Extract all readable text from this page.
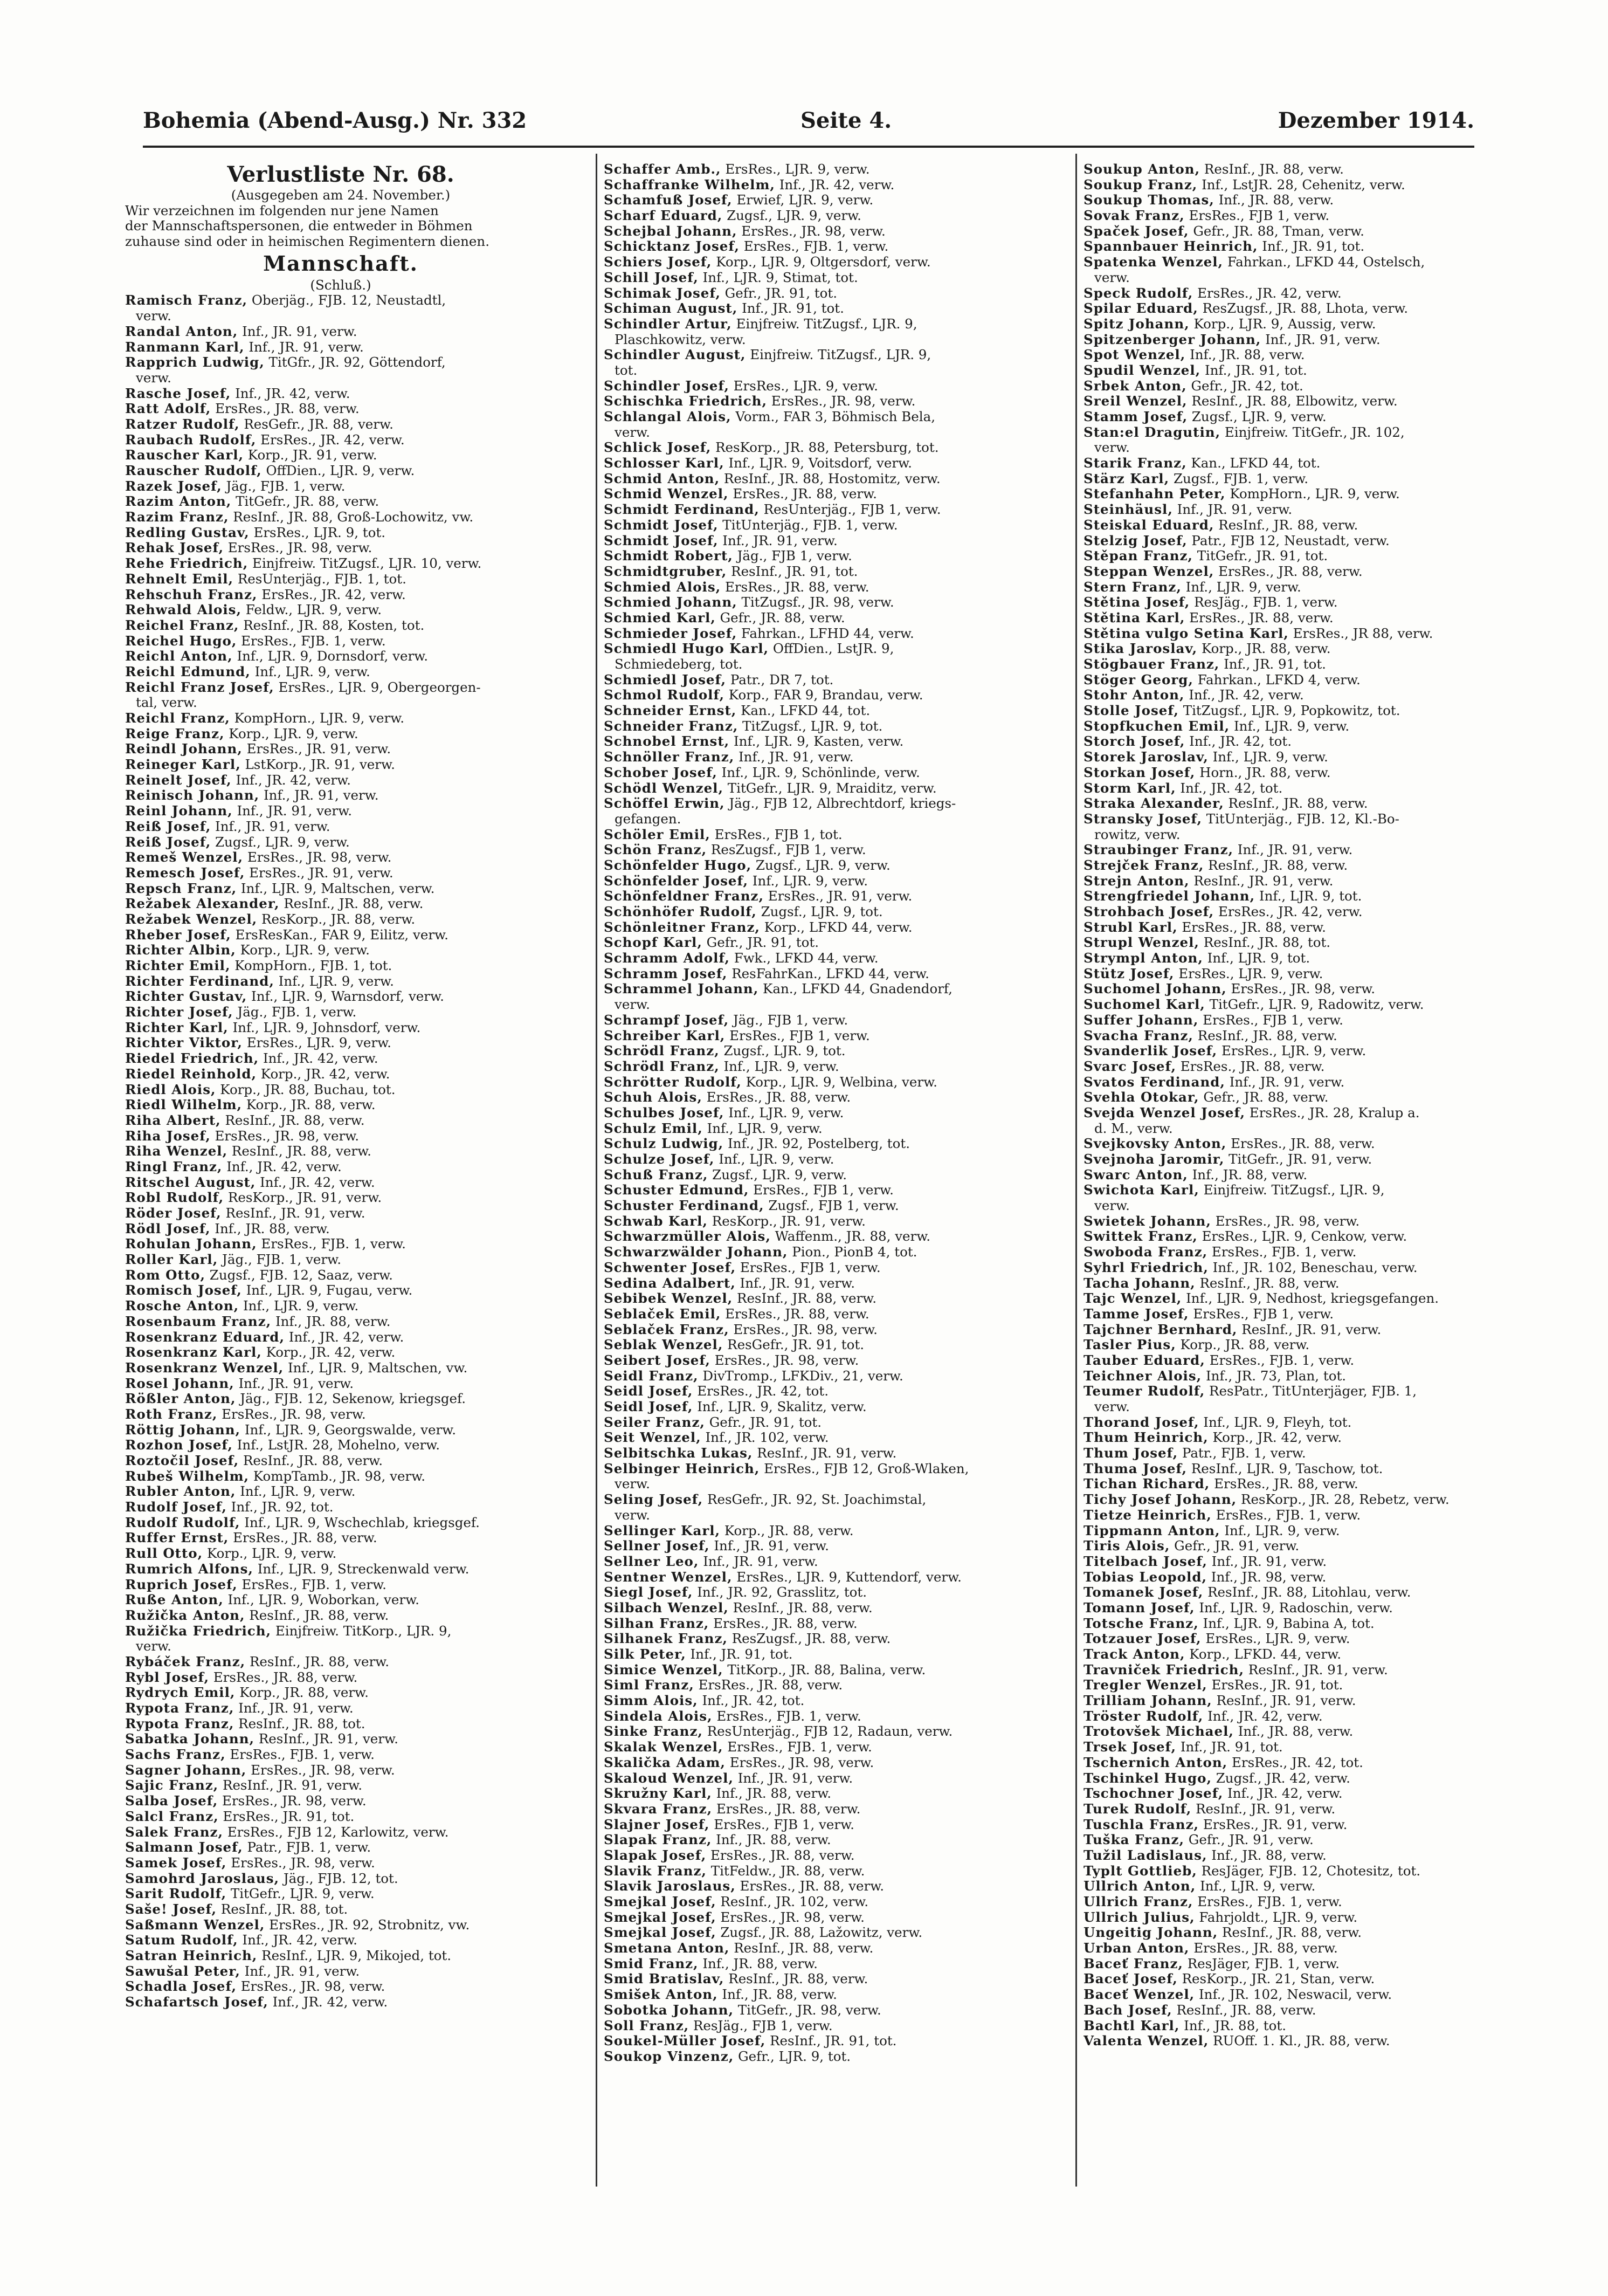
Bohemia (Abend-Ausg.) Nr. 332	Seite 4.	Dezember 1914.
Verlustliste Nr. 68.
(Ausgegeben am 24. November.)
Wir verzeichnen im folgenden nur jene Namen
der Mannschaftspersonen, die entweder in Böhmen
zuhause sind oder in heimischen Regimentern dienen.
Mannschaft.
(Schluß.)
Ramisch Franz, Oberjäg., FJB. 12, Neustadtl,
verw.
Randal Anton, Inf., JR. 91, verw.
Ranmann Karl, Inf., JR. 91, verw.
Rapprich Ludwig, TitGfr., JR. 92, Göttendorf,
verw.
Rasche Josef, Inf., JR. 42, verw.
Ratt Adolf, ErsRes., JR. 88, verw.
Ratzer Rudolf, ResGefr., JR. 88, verw.
Raubach Rudolf, ErsRes., JR. 42, verw.
Rauscher Karl, Korp., JR. 91, verw.
Rauscher Rudolf, OffDien., LJR. 9, verw.
Razek Josef, Jäg., FJB. 1, verw.
Razim Anton, TitGefr., JR. 88, verw.
Razim Franz, ResInf., JR. 88, Groß-Lochowitz, vw.
Redling Gustav, ErsRes., LJR. 9, tot.
Rehak Josef, ErsRes., JR. 98, verw.
Rehe Friedrich, Einjfreiw. TitZugsf., LJR. 10, verw.
Rehnelt Emil, ResUnterjäg., FJB. 1, tot.
Rehschuh Franz, ErsRes., JR. 42, verw.
Rehwald Alois, Feldw., LJR. 9, verw.
Reichel Franz, ResInf., JR. 88, Kosten, tot.
Reichel Hugo, ErsRes., FJB. 1, verw.
Reichl Anton, Inf., LJR. 9, Dornsdorf, verw.
Reichl Edmund, Inf., LJR. 9, verw.
Reichl Franz Josef, ErsRes., LJR. 9, Obergeorgen-
tal, verw.
Reichl Franz, KompHorn., LJR. 9, verw.
Reige Franz, Korp., LJR. 9, verw.
Reindl Johann, ErsRes., JR. 91, verw.
Reineger Karl, LstKorp., JR. 91, verw.
Reinelt Josef, Inf., JR. 42, verw.
Reinisch Johann, Inf., JR. 91, verw.
Reinl Johann, Inf., JR. 91, verw.
Reiß Josef, Inf., JR. 91, verw.
Reiß Josef, Zugsf., LJR. 9, verw.
Remeš Wenzel, ErsRes., JR. 98, verw.
Remesch Josef, ErsRes., JR. 91, verw.
Repsch Franz, Inf., LJR. 9, Maltschen, verw.
Režabek Alexander, ResInf., JR. 88, verw.
Režabek Wenzel, ResKorp., JR. 88, verw.
Rheber Josef, ErsResKan., FAR 9, Eilitz, verw.
Richter Albin, Korp., LJR. 9, verw.
Richter Emil, KompHorn., FJB. 1, tot.
Richter Ferdinand, Inf., LJR. 9, verw.
Richter Gustav, Inf., LJR. 9, Warnsdorf, verw.
Richter Josef, Jäg., FJB. 1, verw.
Richter Karl, Inf., LJR. 9, Johnsdorf, verw.
Richter Viktor, ErsRes., LJR. 9, verw.
Riedel Friedrich, Inf., JR. 42, verw.
Riedel Reinhold, Korp., JR. 42, verw.
Riedl Alois, Korp., JR. 88, Buchau, tot.
Riedl Wilhelm, Korp., JR. 88, verw.
Riha Albert, ResInf., JR. 88, verw.
Riha Josef, ErsRes., JR. 98, verw.
Riha Wenzel, ResInf., JR. 88, verw.
Ringl Franz, Inf., JR. 42, verw.
Ritschel August, Inf., JR. 42, verw.
Robl Rudolf, ResKorp., JR. 91, verw.
Röder Josef, ResInf., JR. 91, verw.
Rödl Josef, Inf., JR. 88, verw.
Rohulan Johann, ErsRes., FJB. 1, verw.
Roller Karl, Jäg., FJB. 1, verw.
Rom Otto, Zugsf., FJB. 12, Saaz, verw.
Romisch Josef, Inf., LJR. 9, Fugau, verw.
Rosche Anton, Inf., LJR. 9, verw.
Rosenbaum Franz, Inf., JR. 88, verw.
Rosenkranz Eduard, Inf., JR. 42, verw.
Rosenkranz Karl, Korp., JR. 42, verw.
Rosenkranz Wenzel, Inf., LJR. 9, Maltschen, vw.
Rosel Johann, Inf., JR. 91, verw.
Rößler Anton, Jäg., FJB. 12, Sekenow, kriegsgef.
Roth Franz, ErsRes., JR. 98, verw.
Röttig Johann, Inf., LJR. 9, Georgswalde, verw.
Rozhon Josef, Inf., LstJR. 28, Mohelno, verw.
Roztočil Josef, ResInf., JR. 88, verw.
Rubeš Wilhelm, KompTamb., JR. 98, verw.
Rubler Anton, Inf., LJR. 9, verw.
Rudolf Josef, Inf., JR. 92, tot.
Rudolf Rudolf, Inf., LJR. 9, Wschechlab, kriegsgef.
Ruffer Ernst, ErsRes., JR. 88, verw.
Rull Otto, Korp., LJR. 9, verw.
Rumrich Alfons, Inf., LJR. 9, Streckenwald verw.
Ruprich Josef, ErsRes., FJB. 1, verw.
Ruße Anton, Inf., LJR. 9, Woborkan, verw.
Ružička Anton, ResInf., JR. 88, verw.
Ružička Friedrich, Einjfreiw. TitKorp., LJR. 9,
verw.
Rybáček Franz, ResInf., JR. 88, verw.
Rybl Josef, ErsRes., JR. 88, verw.
Rydrych Emil, Korp., JR. 88, verw.
Rypota Franz, Inf., JR. 91, verw.
Rypota Franz, ResInf., JR. 88, tot.
Sabatka Johann, ResInf., JR. 91, verw.
Sachs Franz, ErsRes., FJB. 1, verw.
Sagner Johann, ErsRes., JR. 98, verw.
Sajic Franz, ResInf., JR. 91, verw.
Salba Josef, ErsRes., JR. 98, verw.
Salcl Franz, ErsRes., JR. 91, tot.
Salek Franz, ErsRes., FJB 12, Karlowitz, verw.
Salmann Josef, Patr., FJB. 1, verw.
Samek Josef, ErsRes., JR. 98, verw.
Samohrd Jaroslaus, Jäg., FJB. 12, tot.
Sarit Rudolf, TitGefr., LJR. 9, verw.
Saše! Josef, ResInf., JR. 88, tot.
Saßmann Wenzel, ErsRes., JR. 92, Strobnitz, vw.
Satum Rudolf, Inf., JR. 42, verw.
Satran Heinrich, ResInf., LJR. 9, Mikojed, tot.
Sawušal Peter, Inf., JR. 91, verw.
Schadla Josef, ErsRes., JR. 98, verw.
Schafartsch Josef, Inf., JR. 42, verw.
Schaffer Amb., ErsRes., LJR. 9, verw.
Schaffranke Wilhelm, Inf., JR. 42, verw.
Schamfuß Josef, Erwief, LJR. 9, verw.
Scharf Eduard, Zugsf., LJR. 9, verw.
Schejbal Johann, ErsRes., JR. 98, verw.
Schicktanz Josef, ErsRes., FJB. 1, verw.
Schiers Josef, Korp., LJR. 9, Oltgersdorf, verw.
Schill Josef, Inf., LJR. 9, Stimat, tot.
Schimak Josef, Gefr., JR. 91, tot.
Schiman August, Inf., JR. 91, tot.
Schindler Artur, Einjfreiw. TitZugsf., LJR. 9,
Plaschkowitz, verw.
Schindler August, Einjfreiw. TitZugsf., LJR. 9,
tot.
Schindler Josef, ErsRes., LJR. 9, verw.
Schischka Friedrich, ErsRes., JR. 98, verw.
Schlangal Alois, Vorm., FAR 3, Böhmisch Bela,
verw.
Schlick Josef, ResKorp., JR. 88, Petersburg, tot.
Schlosser Karl, Inf., LJR. 9, Voitsdorf, verw.
Schmid Anton, ResInf., JR. 88, Hostomitz, verw.
Schmid Wenzel, ErsRes., JR. 88, verw.
Schmidt Ferdinand, ResUnterjäg., FJB 1, verw.
Schmidt Josef, TitUnterjäg., FJB. 1, verw.
Schmidt Josef, Inf., JR. 91, verw.
Schmidt Robert, Jäg., FJB 1, verw.
Schmidtgruber, ResInf., JR. 91, tot.
Schmied Alois, ErsRes., JR. 88, verw.
Schmied Johann, TitZugsf., JR. 98, verw.
Schmied Karl, Gefr., JR. 88, verw.
Schmieder Josef, Fahrkan., LFHD 44, verw.
Schmiedl Hugo Karl, OffDien., LstJR. 9,
Schmiedeberg, tot.
Schmiedl Josef, Patr., DR 7, tot.
Schmol Rudolf, Korp., FAR 9, Brandau, verw.
Schneider Ernst, Kan., LFKD 44, tot.
Schneider Franz, TitZugsf., LJR. 9, tot.
Schnobel Ernst, Inf., LJR. 9, Kasten, verw.
Schnöller Franz, Inf., JR. 91, verw.
Schober Josef, Inf., LJR. 9, Schönlinde, verw.
Schödl Wenzel, TitGefr., LJR. 9, Mraiditz, verw.
Schöffel Erwin, Jäg., FJB 12, Albrechtdorf, kriegs-
gefangen.
Schöler Emil, ErsRes., FJB 1, tot.
Schön Franz, ResZugsf., FJB 1, verw.
Schönfelder Hugo, Zugsf., LJR. 9, verw.
Schönfelder Josef, Inf., LJR. 9, verw.
Schönfeldner Franz, ErsRes., JR. 91, verw.
Schönhöfer Rudolf, Zugsf., LJR. 9, tot.
Schönleitner Franz, Korp., LFKD 44, verw.
Schopf Karl, Gefr., JR. 91, tot.
Schramm Adolf, Fwk., LFKD 44, verw.
Schramm Josef, ResFahrKan., LFKD 44, verw.
Schrammel Johann, Kan., LFKD 44, Gnadendorf,
verw.
Schrampf Josef, Jäg., FJB 1, verw.
Schreiber Karl, ErsRes., FJB 1, verw.
Schrödl Franz, Zugsf., LJR. 9, tot.
Schrödl Franz, Inf., LJR. 9, verw.
Schrötter Rudolf, Korp., LJR. 9, Welbina, verw.
Schuh Alois, ErsRes., JR. 88, verw.
Schulbes Josef, Inf., LJR. 9, verw.
Schulz Emil, Inf., LJR. 9, verw.
Schulz Ludwig, Inf., JR. 92, Postelberg, tot.
Schulze Josef, Inf., LJR. 9, verw.
Schuß Franz, Zugsf., LJR. 9, verw.
Schuster Edmund, ErsRes., FJB 1, verw.
Schuster Ferdinand, Zugsf., FJB 1, verw.
Schwab Karl, ResKorp., JR. 91, verw.
Schwarzmüller Alois, Waffenm., JR. 88, verw.
Schwarzwälder Johann, Pion., PionB 4, tot.
Schwenter Josef, ErsRes., FJB 1, verw.
Sedina Adalbert, Inf., JR. 91, verw.
Sebibek Wenzel, ResInf., JR. 88, verw.
Seblaček Emil, ErsRes., JR. 88, verw.
Seblaček Franz, ErsRes., JR. 98, verw.
Seblak Wenzel, ResGefr., JR. 91, tot.
Seibert Josef, ErsRes., JR. 98, verw.
Seidl Franz, DivTromp., LFKDiv., 21, verw.
Seidl Josef, ErsRes., JR. 42, tot.
Seidl Josef, Inf., LJR. 9, Skalitz, verw.
Seiler Franz, Gefr., JR. 91, tot.
Seit Wenzel, Inf., JR. 102, verw.
Selbitschka Lukas, ResInf., JR. 91, verw.
Selbinger Heinrich, ErsRes., FJB 12, Groß-Wlaken,
verw.
Seling Josef, ResGefr., JR. 92, St. Joachimstal,
verw.
Sellinger Karl, Korp., JR. 88, verw.
Sellner Josef, Inf., JR. 91, verw.
Sellner Leo, Inf., JR. 91, verw.
Sentner Wenzel, ErsRes., LJR. 9, Kuttendorf, verw.
Siegl Josef, Inf., JR. 92, Grasslitz, tot.
Silbach Wenzel, ResInf., JR. 88, verw.
Silhan Franz, ErsRes., JR. 88, verw.
Silhanek Franz, ResZugsf., JR. 88, verw.
Silk Peter, Inf., JR. 91, tot.
Simice Wenzel, TitKorp., JR. 88, Balina, verw.
Siml Franz, ErsRes., JR. 88, verw.
Simm Alois, Inf., JR. 42, tot.
Sindela Alois, ErsRes., FJB. 1, verw.
Sinke Franz, ResUnterjäg., FJB 12, Radaun, verw.
Skalak Wenzel, ErsRes., FJB. 1, verw.
Skalička Adam, ErsRes., JR. 98, verw.
Skaloud Wenzel, Inf., JR. 91, verw.
Skružny Karl, Inf., JR. 88, verw.
Skvara Franz, ErsRes., JR. 88, verw.
Slajner Josef, ErsRes., FJB 1, verw.
Slapak Franz, Inf., JR. 88, verw.
Slapak Josef, ErsRes., JR. 88, verw.
Slavik Franz, TitFeldw., JR. 88, verw.
Slavik Jaroslaus, ErsRes., JR. 88, verw.
Smejkal Josef, ResInf., JR. 102, verw.
Smejkal Josef, ErsRes., JR. 98, verw.
Smejkal Josef, Zugsf., JR. 88, Lažowitz, verw.
Smetana Anton, ResInf., JR. 88, verw.
Smid Franz, Inf., JR. 88, verw.
Smid Bratislav, ResInf., JR. 88, verw.
Smišek Anton, Inf., JR. 88, verw.
Sobotka Johann, TitGefr., JR. 98, verw.
Soll Franz, ResJäg., FJB 1, verw.
Soukel-Müller Josef, ResInf., JR. 91, tot.
Soukop Vinzenz, Gefr., LJR. 9, tot.
Soukup Anton, ResInf., JR. 88, verw.
Soukup Franz, Inf., LstJR. 28, Cehenitz, verw.
Soukup Thomas, Inf., JR. 88, verw.
Sovak Franz, ErsRes., FJB 1, verw.
Spaček Josef, Gefr., JR. 88, Tman, verw.
Spannbauer Heinrich, Inf., JR. 91, tot.
Spatenka Wenzel, Fahrkan., LFKD 44, Ostelsch,
verw.
Speck Rudolf, ErsRes., JR. 42, verw.
Spilar Eduard, ResZugsf., JR. 88, Lhota, verw.
Spitz Johann, Korp., LJR. 9, Aussig, verw.
Spitzenberger Johann, Inf., JR. 91, verw.
Spot Wenzel, Inf., JR. 88, verw.
Spudil Wenzel, Inf., JR. 91, tot.
Srbek Anton, Gefr., JR. 42, tot.
Sreil Wenzel, ResInf., JR. 88, Elbowitz, verw.
Stamm Josef, Zugsf., LJR. 9, verw.
Stan:el Dragutin, Einjfreiw. TitGefr., JR. 102,
verw.
Starik Franz, Kan., LFKD 44, tot.
Stärz Karl, Zugsf., FJB. 1, verw.
Stefanhahn Peter, KompHorn., LJR. 9, verw.
Steinhäusl, Inf., JR. 91, verw.
Steiskal Eduard, ResInf., JR. 88, verw.
Stelzig Josef, Patr., FJB 12, Neustadt, verw.
Stěpan Franz, TitGefr., JR. 91, tot.
Steppan Wenzel, ErsRes., JR. 88, verw.
Stern Franz, Inf., LJR. 9, verw.
Stětina Josef, ResJäg., FJB. 1, verw.
Stětina Karl, ErsRes., JR. 88, verw.
Stětina vulgo Setina Karl, ErsRes., JR 88, verw.
Stika Jaroslav, Korp., JR. 88, verw.
Stögbauer Franz, Inf., JR. 91, tot.
Stöger Georg, Fahrkan., LFKD 4, verw.
Stohr Anton, Inf., JR. 42, verw.
Stolle Josef, TitZugsf., LJR. 9, Popkowitz, tot.
Stopfkuchen Emil, Inf., LJR. 9, verw.
Storch Josef, Inf., JR. 42, tot.
Storek Jaroslav, Inf., LJR. 9, verw.
Storkan Josef, Horn., JR. 88, verw.
Storm Karl, Inf., JR. 42, tot.
Straka Alexander, ResInf., JR. 88, verw.
Stransky Josef, TitUnterjäg., FJB. 12, Kl.-Bo-
rowitz, verw.
Straubinger Franz, Inf., JR. 91, verw.
Strejček Franz, ResInf., JR. 88, verw.
Strejn Anton, ResInf., JR. 91, verw.
Strengfriedel Johann, Inf., LJR. 9, tot.
Strohbach Josef, ErsRes., JR. 42, verw.
Strubl Karl, ErsRes., JR. 88, verw.
Strupl Wenzel, ResInf., JR. 88, tot.
Strympl Anton, Inf., LJR. 9, tot.
Stütz Josef, ErsRes., LJR. 9, verw.
Suchomel Johann, ErsRes., JR. 98, verw.
Suchomel Karl, TitGefr., LJR. 9, Radowitz, verw.
Suffer Johann, ErsRes., FJB 1, verw.
Svacha Franz, ResInf., JR. 88, verw.
Svanderlik Josef, ErsRes., LJR. 9, verw.
Svarc Josef, ErsRes., JR. 88, verw.
Svatos Ferdinand, Inf., JR. 91, verw.
Svehla Otokar, Gefr., JR. 88, verw.
Svejda Wenzel Josef, ErsRes., JR. 28, Kralup a.
d. M., verw.
Svejkovsky Anton, ErsRes., JR. 88, verw.
Svejnoha Jaromir, TitGefr., JR. 91, verw.
Swarc Anton, Inf., JR. 88, verw.
Swichota Karl, Einjfreiw. TitZugsf., LJR. 9,
verw.
Swietek Johann, ErsRes., JR. 98, verw.
Swittek Franz, ErsRes., LJR. 9, Cenkow, verw.
Swoboda Franz, ErsRes., FJB. 1, verw.
Syhrl Friedrich, Inf., JR. 102, Beneschau, verw.
Tacha Johann, ResInf., JR. 88, verw.
Tajc Wenzel, Inf., LJR. 9, Nedhost, kriegsgefangen.
Tamme Josef, ErsRes., FJB 1, verw.
Tajchner Bernhard, ResInf., JR. 91, verw.
Tasler Pius, Korp., JR. 88, verw.
Tauber Eduard, ErsRes., FJB. 1, verw.
Teichner Alois, Inf., JR. 73, Plan, tot.
Teumer Rudolf, ResPatr., TitUnterjäger, FJB. 1,
verw.
Thorand Josef, Inf., LJR. 9, Fleyh, tot.
Thum Heinrich, Korp., JR. 42, verw.
Thum Josef, Patr., FJB. 1, verw.
Thuma Josef, ResInf., LJR. 9, Taschow, tot.
Tichan Richard, ErsRes., JR. 88, verw.
Tichy Josef Johann, ResKorp., JR. 28, Rebetz, verw.
Tietze Heinrich, ErsRes., FJB. 1, verw.
Tippmann Anton, Inf., LJR. 9, verw.
Tiris Alois, Gefr., JR. 91, verw.
Titelbach Josef, Inf., JR. 91, verw.
Tobias Leopold, Inf., JR. 98, verw.
Tomanek Josef, ResInf., JR. 88, Litohlau, verw.
Tomann Josef, Inf., LJR. 9, Radoschin, verw.
Totsche Franz, Inf., LJR. 9, Babina A, tot.
Totzauer Josef, ErsRes., LJR. 9, verw.
Track Anton, Korp., LFKD. 44, verw.
Travniček Friedrich, ResInf., JR. 91, verw.
Tregler Wenzel, ErsRes., JR. 91, tot.
Trilliam Johann, ResInf., JR. 91, verw.
Tröster Rudolf, Inf., JR. 42, verw.
Trotovšek Michael, Inf., JR. 88, verw.
Trsek Josef, Inf., JR. 91, tot.
Tschernich Anton, ErsRes., JR. 42, tot.
Tschinkel Hugo, Zugsf., JR. 42, verw.
Tschochner Josef, Inf., JR. 42, verw.
Turek Rudolf, ResInf., JR. 91, verw.
Tuschla Franz, ErsRes., JR. 91, verw.
Tuška Franz, Gefr., JR. 91, verw.
Tužil Ladislaus, Inf., JR. 88, verw.
Typlt Gottlieb, ResJäger, FJB. 12, Chotesitz, tot.
Ullrich Anton, Inf., LJR. 9, verw.
Ullrich Franz, ErsRes., FJB. 1, verw.
Ullrich Julius, Fahrjoldt., LJR. 9, verw.
Ungeitig Johann, ResInf., JR. 88, verw.
Urban Anton, ErsRes., JR. 88, verw.
Baceť Franz, ResJäger, FJB. 1, verw.
Baceť Josef, ResKorp., JR. 21, Stan, verw.
Baceť Wenzel, Inf., JR. 102, Neswacil, verw.
Bach Josef, ResInf., JR. 88, verw.
Bachtl Karl, Inf., JR. 88, tot.
Valenta Wenzel, RUOff. 1. Kl., JR. 88, verw.
